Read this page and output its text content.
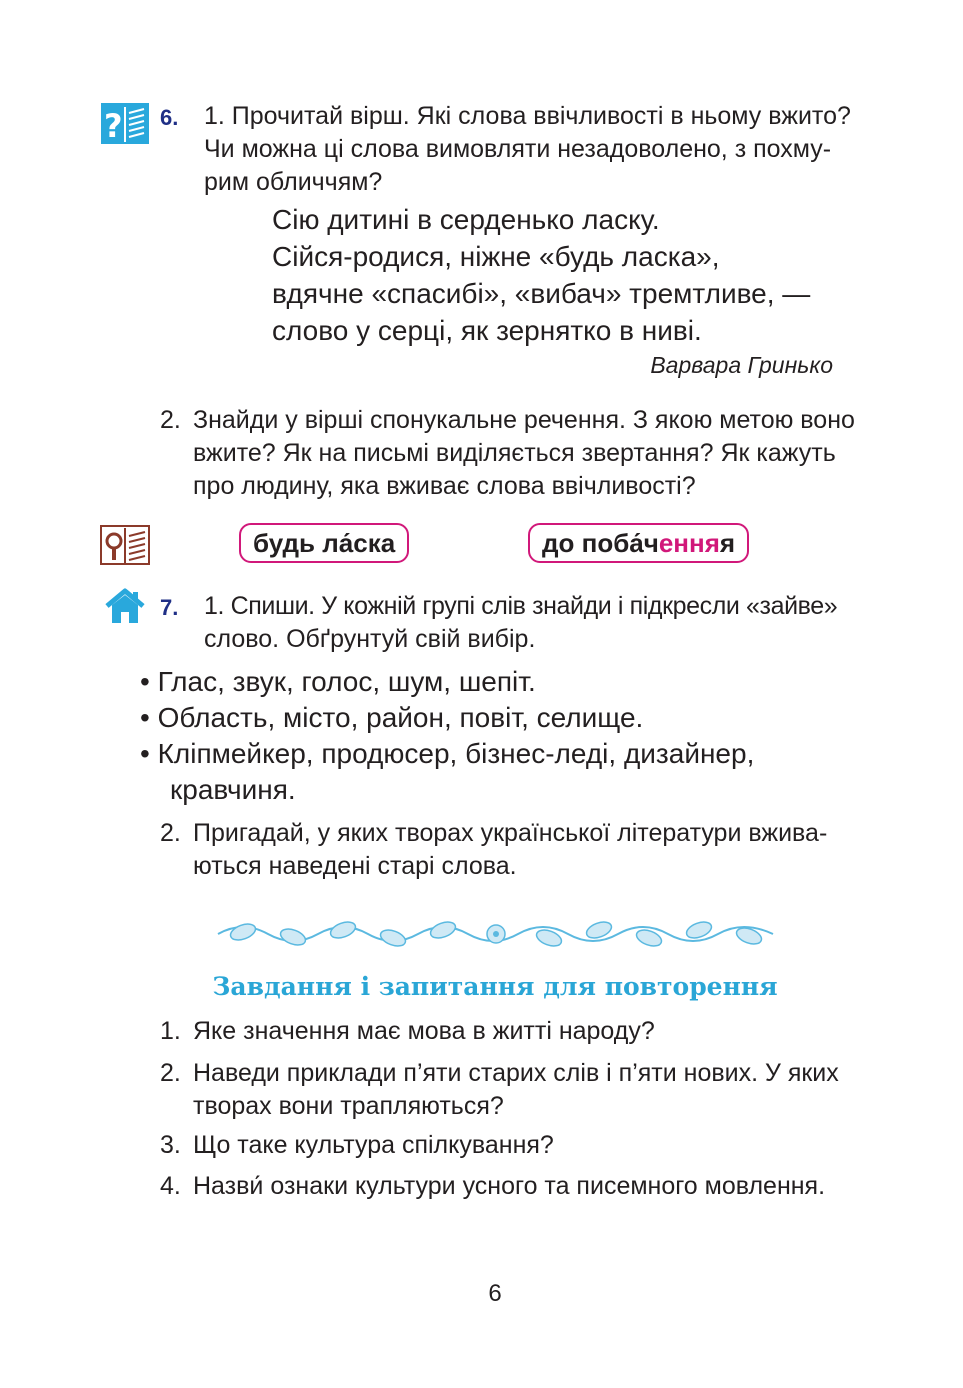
? 6. 1. Прочитай вірш. Які слова ввічливості в ньому вжито?
Чи можна ці слова вимовляти незадоволено, з похму-
рим обличчям?
Сію дитині в серденько ласку.
Сійся-родися, ніжне «будь ласка»,
вдячне «спасибі», «вибач» тремтливе, —
слово у серці, як зернятко в ниві.
Варвара Гринько
2. Знайди у вірші спонукальне речення. З якою метою воно
вжите? Як на письмі виділяється звертання? Як кажуть
про людину, яка вживає слова ввічливості?
будь ла́ска	до поба́ченняя
7. 1. Спиши. У кожній групі слів знайди і підкресли «зайве»
слово. Обґрунтуй свій вибір.
• Глас, звук, голос, шум, шепіт.
• Область, місто, район, повіт, селище.
• Кліпмейкер, продюсер, бізнес-леді, дизайнер,
кравчиня.
2. Пригадай, у яких творах української літератури вжива-
ються наведені старі слова.
Завдання і запитання для повторення
1. Яке значення має мова в житті народу?
2. Наведи приклади п’яти старих слів і п’яти нових. У яких
творах вони трапляються?
3. Що таке культура спілкування?
4. Назви́ ознаки культури усного та писемного мовлення.
6
